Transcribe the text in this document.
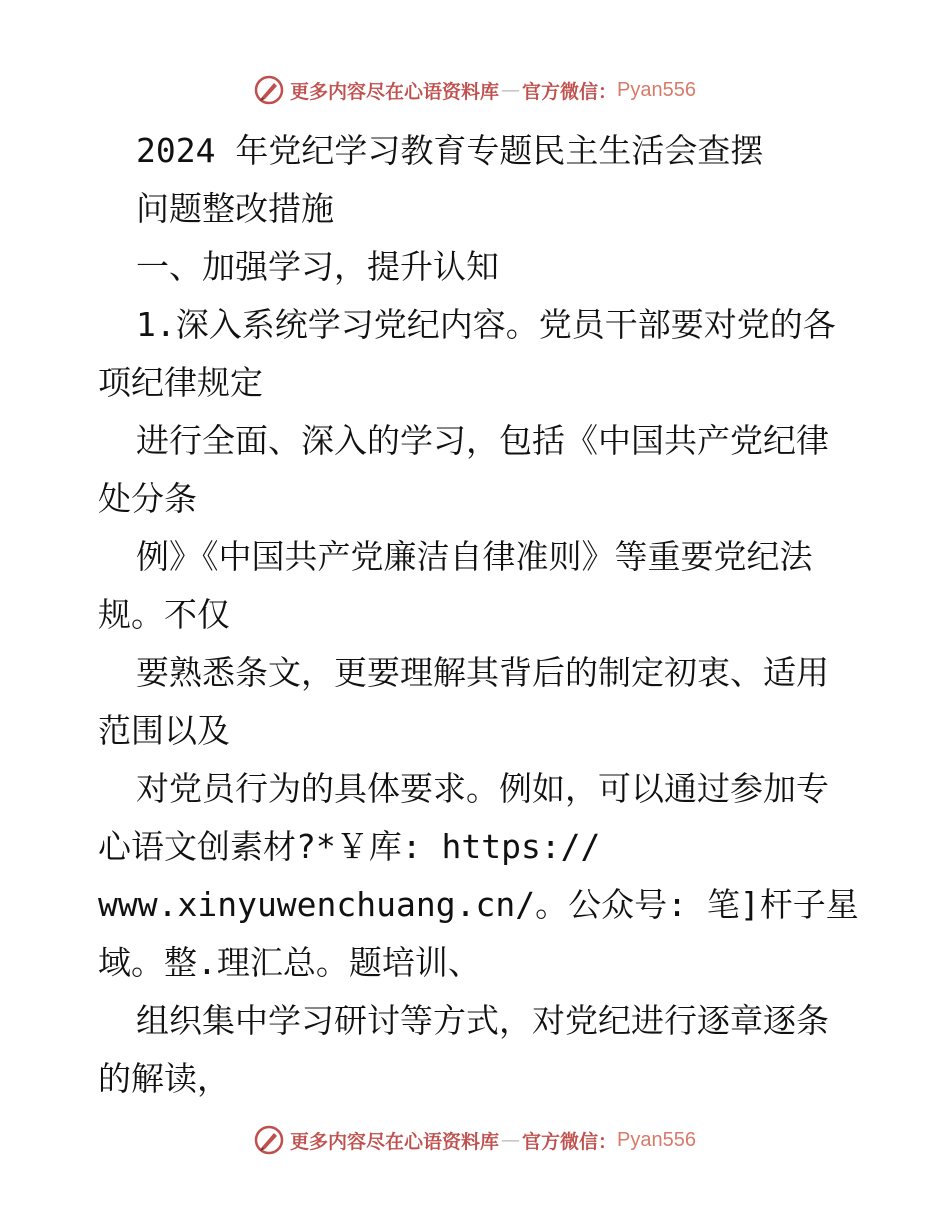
更多内容尽在心语资料库 — 官方微信： Pyan556
2024 年党纪学习教育专题民主生活会查摆
问题整改措施
一、加强学习，提升认知
1.深入系统学习党纪内容。党员干部要对党的各
项纪律规定
进行全面、深入的学习，包括《中国共产党纪律
处分条
例》《中国共产党廉洁自律准则》等重要党纪法
规。不仅
要熟悉条文，更要理解其背后的制定初衷、适用
范围以及
对党员行为的具体要求。例如，可以通过参加专
心语文创素材?*￥库: https://
www.xinyuwenchuang.cn/。公众号: 笔]杆子星
域。整.理汇总。题培训、
组织集中学习研讨等方式，对党纪进行逐章逐条
的解读，
更多内容尽在心语资料库 — 官方微信： Pyan556
